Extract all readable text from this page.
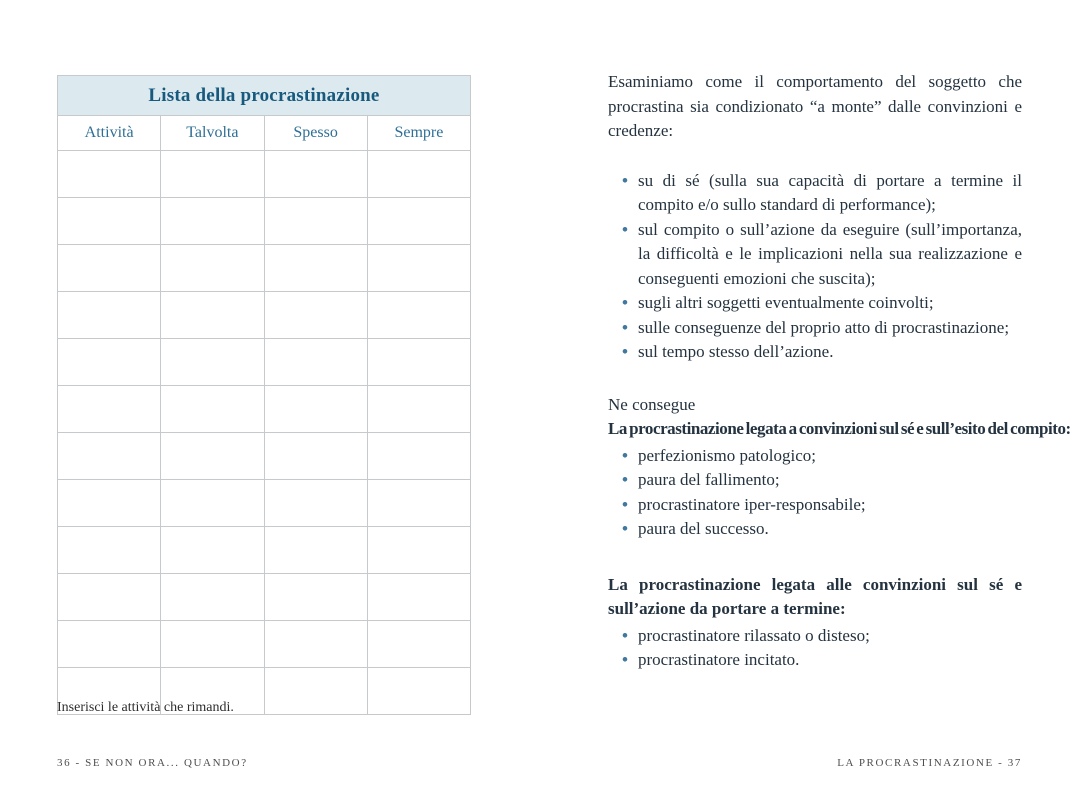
Lista della procrastinazione			
Attività	Talvolta	Spesso	Sempre

Inserisci le attività che rimandi.
36 - SE NON ORA... QUANDO?

Esaminiamo come il comportamento del soggetto che procrastina sia condizionato “a monte” dalle convinzioni e credenze:

• su di sé (sulla sua capacità di portare a termine il compito e/o sullo standard di performance);
• sul compito o sull’azione da eseguire (sull’importanza, la difficoltà e le implicazioni nella sua realizzazione e conseguenti emozioni che suscita);
• sugli altri soggetti eventualmente coinvolti;
• sulle conseguenze del proprio atto di procrastinazione;
• sul tempo stesso dell’azione.

Ne consegue

La procrastinazione legata a convinzioni sul sé e sull’esito del compito:

• perfezionismo patologico;
• paura del fallimento;
• procrastinatore iper-responsabile;
• paura del successo.

La procrastinazione legata alle convinzioni sul sé e sull’azione da portare a termine:

• procrastinatore rilassato o disteso;
• procrastinatore incitato.
LA PROCRASTINAZIONE - 37
